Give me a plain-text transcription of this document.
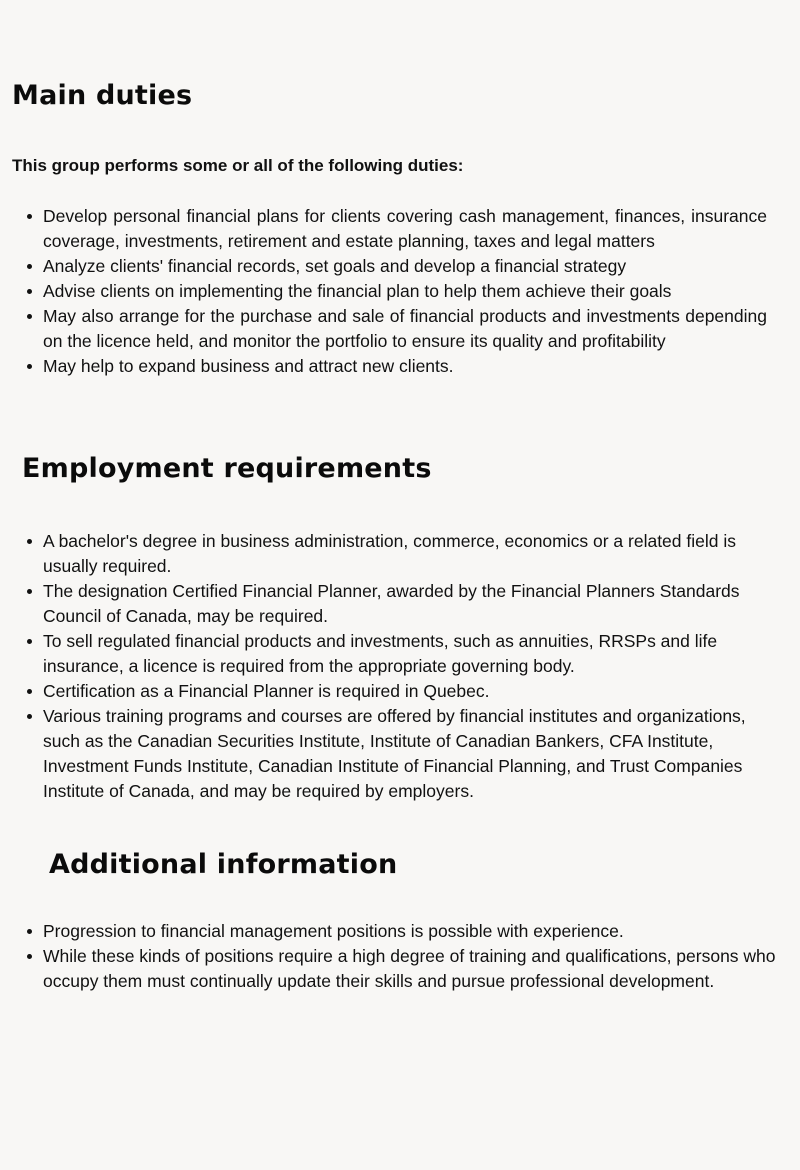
Main duties

This group performs some or all of the following duties:

Develop personal financial plans for clients covering cash management, finances, insurance coverage, investments, retirement and estate planning, taxes and legal matters
Analyze clients' financial records, set goals and develop a financial strategy
Advise clients on implementing the financial plan to help them achieve their goals
May also arrange for the purchase and sale of financial products and investments depending on the licence held, and monitor the portfolio to ensure its quality and profitability
May help to expand business and attract new clients.
Employment requirements
A bachelor's degree in business administration, commerce, economics or a related field is usually required.
The designation Certified Financial Planner, awarded by the Financial Planners Standards Council of Canada, may be required.
To sell regulated financial products and investments, such as annuities, RRSPs and life insurance, a licence is required from the appropriate governing body.
Certification as a Financial Planner is required in Quebec.
Various training programs and courses are offered by financial institutes and organizations, such as the Canadian Securities Institute, Institute of Canadian Bankers, CFA Institute, Investment Funds Institute, Canadian Institute of Financial Planning, and Trust Companies Institute of Canada, and may be required by employers.
Additional information
Progression to financial management positions is possible with experience.
While these kinds of positions require a high degree of training and qualifications, persons who occupy them must continually update their skills and pursue professional development.
